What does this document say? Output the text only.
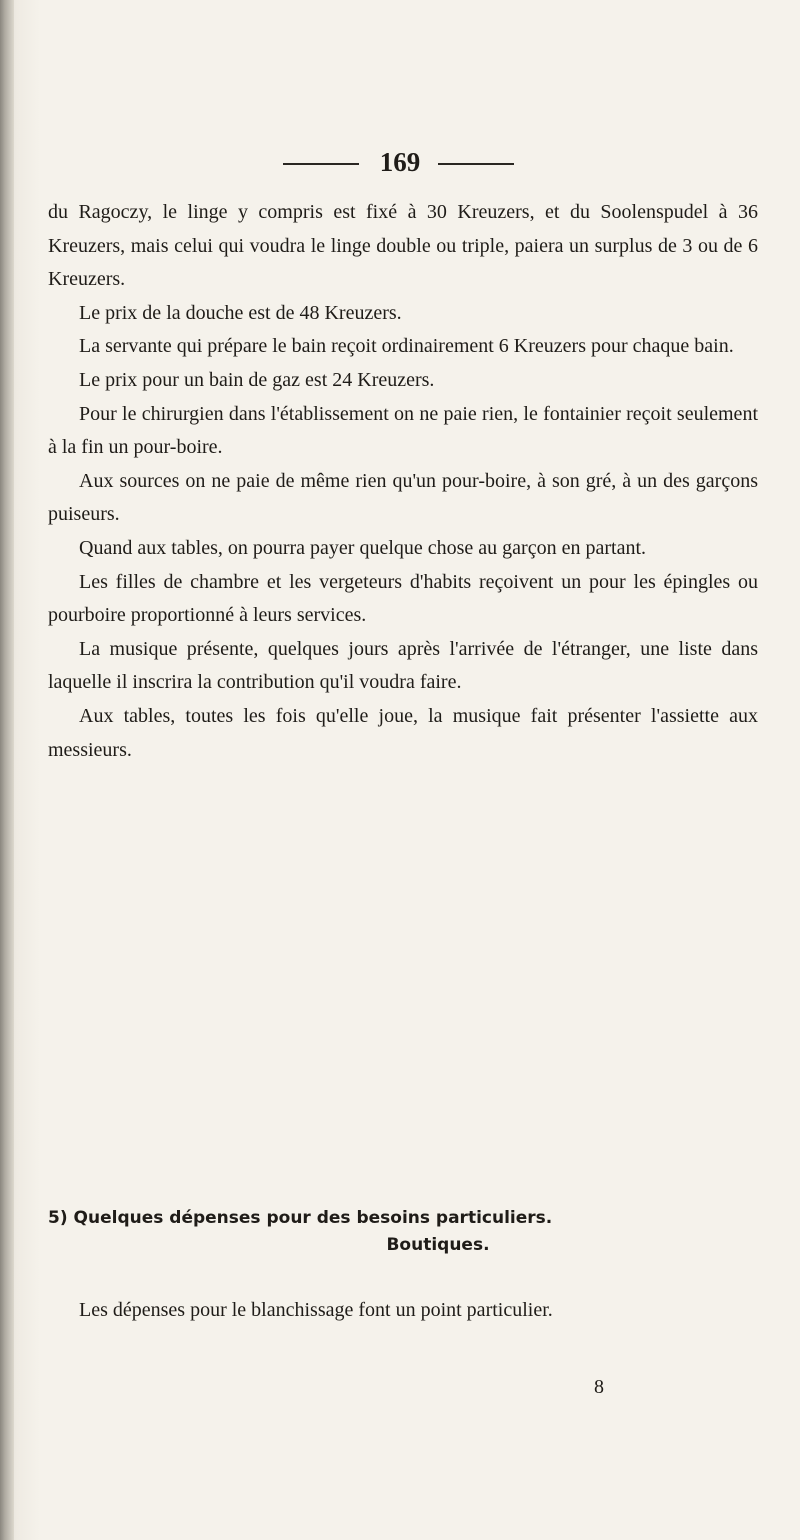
169

du Ragoczy, le linge y compris est fixé à 30 Kreuzers, et du Soolenspudel à 36 Kreuzers, mais celui qui voudra le linge double ou triple, paiera un surplus de 3 ou de 6 Kreuzers.

Le prix de la douche est de 48 Kreuzers.

La servante qui prépare le bain reçoit ordinairement 6 Kreuzers pour chaque bain.

Le prix pour un bain de gaz est 24 Kreuzers.

Pour le chirurgien dans l'établissement on ne paie rien, le fontainier reçoit seulement à la fin un pour-boire.

Aux sources on ne paie de même rien qu'un pour-boire, à son gré, à un des garçons puiseurs.

Quand aux tables, on pourra payer quelque chose au garçon en partant.

Les filles de chambre et les vergeteurs d'habits reçoivent un pour les épingles ou pourboire proportionné à leurs services.

La musique présente, quelques jours après l'arrivée de l'étranger, une liste dans laquelle il inscrira la contribution qu'il voudra faire.

Aux tables, toutes les fois qu'elle joue, la musique fait présenter l'assiette aux messieurs.

5) Quelques dépenses pour des besoins particuliers.
Boutiques.

Les dépenses pour le blanchissage font un point particulier.

8
